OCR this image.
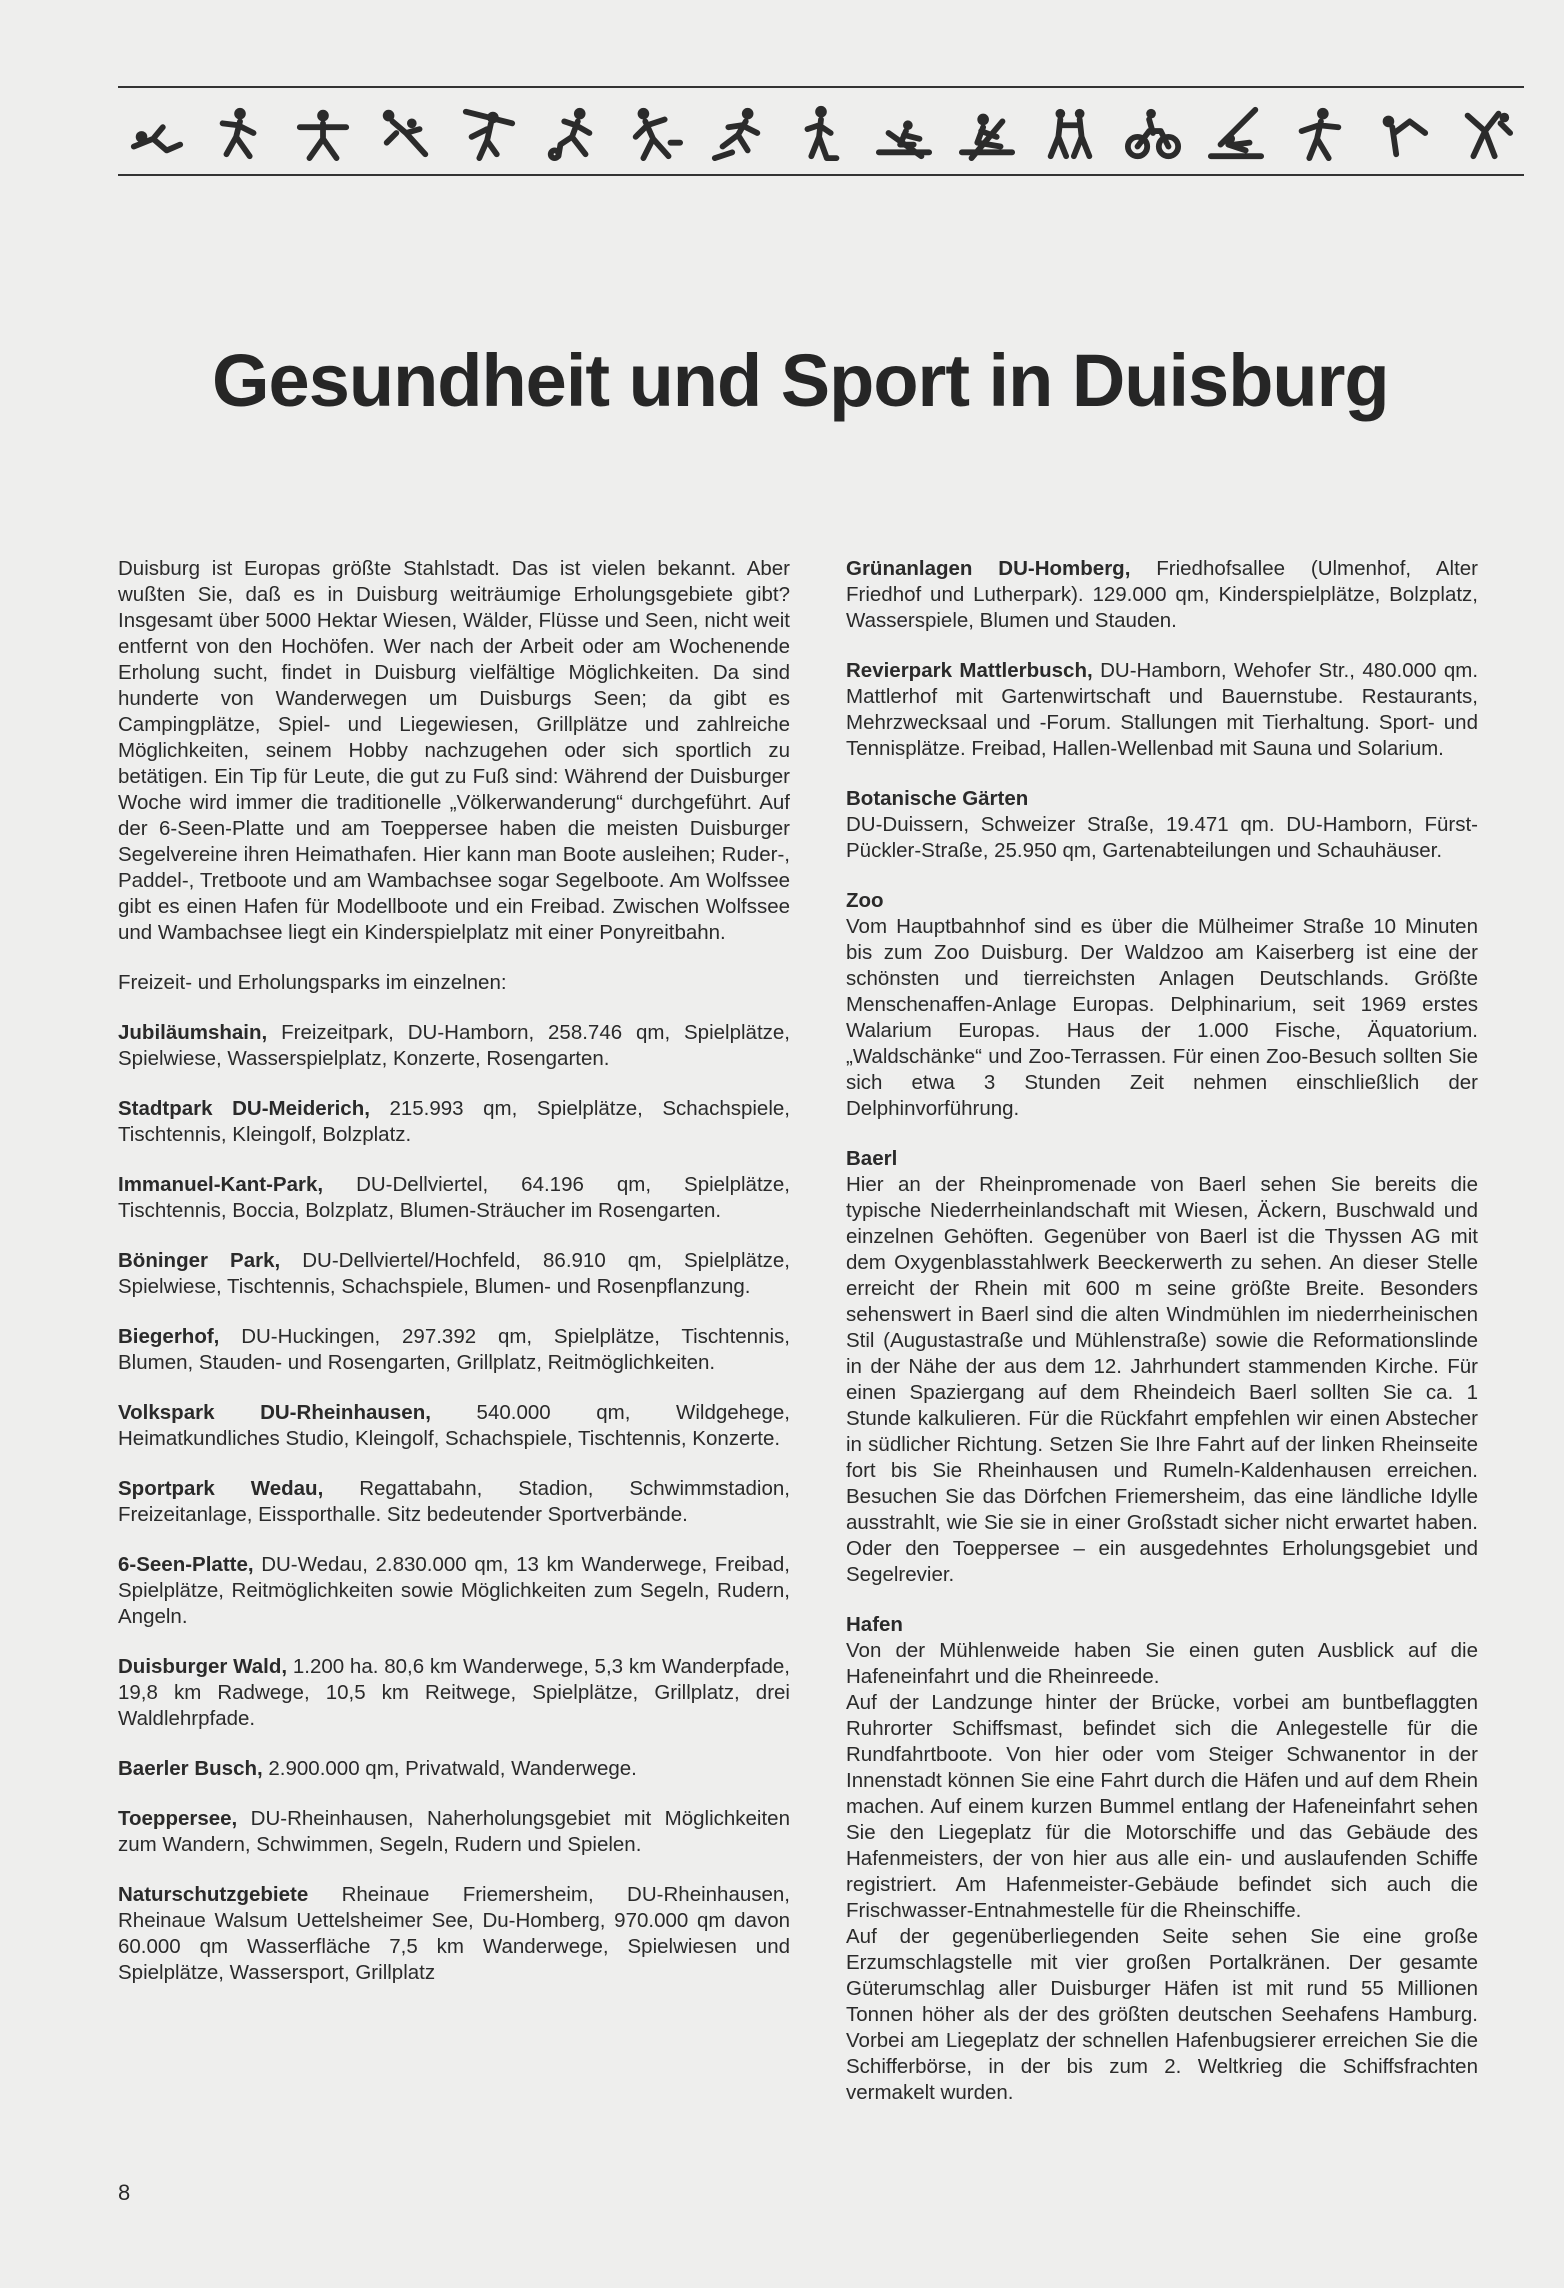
Gesundheit und Sport in Duisburg

Duisburg ist Europas größte Stahlstadt. Das ist vielen bekannt. Aber wußten Sie, daß es in Duisburg weiträumige Erholungsgebiete gibt? Insgesamt über 5000 Hektar Wiesen, Wälder, Flüsse und Seen, nicht weit entfernt von den Hochöfen. Wer nach der Arbeit oder am Wochenende Erholung sucht, findet in Duisburg vielfältige Möglichkeiten. Da sind hunderte von Wanderwegen um Duisburgs Seen; da gibt es Campingplätze, Spiel- und Liegewiesen, Grillplätze und zahlreiche Möglichkeiten, seinem Hobby nachzugehen oder sich sportlich zu betätigen. Ein Tip für Leute, die gut zu Fuß sind: Während der Duisburger Woche wird immer die traditionelle „Völkerwanderung“ durchgeführt. Auf der 6-Seen-Platte und am Toeppersee haben die meisten Duisburger Segelvereine ihren Heimathafen. Hier kann man Boote ausleihen; Ruder-, Paddel-, Tretboote und am Wambachsee sogar Segelboote. Am Wolfssee gibt es einen Hafen für Modellboote und ein Freibad. Zwischen Wolfssee und Wambachsee liegt ein Kinderspielplatz mit einer Ponyreitbahn.

Freizeit- und Erholungsparks im einzelnen:

Jubiläumshain, Freizeitpark, DU-Hamborn, 258.746 qm, Spielplätze, Spielwiese, Wasserspielplatz, Konzerte, Rosengarten.

Stadtpark DU-Meiderich, 215.993 qm, Spielplätze, Schachspiele, Tischtennis, Kleingolf, Bolzplatz.

Immanuel-Kant-Park, DU-Dellviertel, 64.196 qm, Spielplätze, Tischtennis, Boccia, Bolzplatz, Blumen-Sträucher im Rosengarten.

Böninger Park, DU-Dellviertel/Hochfeld, 86.910 qm, Spielplätze, Spielwiese, Tischtennis, Schachspiele, Blumen- und Rosenpflanzung.

Biegerhof, DU-Huckingen, 297.392 qm, Spielplätze, Tischtennis, Blumen, Stauden- und Rosengarten, Grillplatz, Reitmöglichkeiten.

Volkspark DU-Rheinhausen, 540.000 qm, Wildgehege, Heimatkundliches Studio, Kleingolf, Schachspiele, Tischtennis, Konzerte.

Sportpark Wedau, Regattabahn, Stadion, Schwimmstadion, Freizeitanlage, Eissporthalle. Sitz bedeutender Sportverbände.

6-Seen-Platte, DU-Wedau, 2.830.000 qm, 13 km Wanderwege, Freibad, Spielplätze, Reitmöglichkeiten sowie Möglichkeiten zum Segeln, Rudern, Angeln.

Duisburger Wald, 1.200 ha. 80,6 km Wanderwege, 5,3 km Wanderpfade, 19,8 km Radwege, 10,5 km Reitwege, Spielplätze, Grillplatz, drei Waldlehrpfade.

Baerler Busch, 2.900.000 qm, Privatwald, Wanderwege.

Toeppersee, DU-Rheinhausen, Naherholungsgebiet mit Möglichkeiten zum Wandern, Schwimmen, Segeln, Rudern und Spielen.

Naturschutzgebiete Rheinaue Friemersheim, DU-Rheinhausen, Rheinaue Walsum Uettelsheimer See, Du-Homberg, 970.000 qm davon 60.000 qm Wasserfläche 7,5 km Wanderwege, Spielwiesen und Spielplätze, Wassersport, Grillplatz

Grünanlagen DU-Homberg, Friedhofsallee (Ulmenhof, Alter Friedhof und Lutherpark). 129.000 qm, Kinderspielplätze, Bolzplatz, Wasserspiele, Blumen und Stauden.

Revierpark Mattlerbusch, DU-Hamborn, Wehofer Str., 480.000 qm. Mattlerhof mit Gartenwirtschaft und Bauernstube. Restaurants, Mehrzwecksaal und -Forum. Stallungen mit Tierhaltung. Sport- und Tennisplätze. Freibad, Hallen-Wellenbad mit Sauna und Solarium.

Botanische Gärten
DU-Duissern, Schweizer Straße, 19.471 qm. DU-Hamborn, Fürst-Pückler-Straße, 25.950 qm, Gartenabteilungen und Schauhäuser.

Zoo
Vom Hauptbahnhof sind es über die Mülheimer Straße 10 Minuten bis zum Zoo Duisburg. Der Waldzoo am Kaiserberg ist eine der schönsten und tierreichsten Anlagen Deutschlands. Größte Menschenaffen-Anlage Europas. Delphinarium, seit 1969 erstes Walarium Europas. Haus der 1.000 Fische, Äquatorium. „Waldschänke“ und Zoo-Terrassen. Für einen Zoo-Besuch sollten Sie sich etwa 3 Stunden Zeit nehmen einschließlich der Delphinvorführung.

Baerl
Hier an der Rheinpromenade von Baerl sehen Sie bereits die typische Niederrheinlandschaft mit Wiesen, Äckern, Buschwald und einzelnen Gehöften. Gegenüber von Baerl ist die Thyssen AG mit dem Oxygenblasstahlwerk Beeckerwerth zu sehen. An dieser Stelle erreicht der Rhein mit 600 m seine größte Breite. Besonders sehenswert in Baerl sind die alten Windmühlen im niederrheinischen Stil (Augustastraße und Mühlenstraße) sowie die Reformationslinde in der Nähe der aus dem 12. Jahrhundert stammenden Kirche. Für einen Spaziergang auf dem Rheindeich Baerl sollten Sie ca. 1 Stunde kalkulieren. Für die Rückfahrt empfehlen wir einen Abstecher in südlicher Richtung. Setzen Sie Ihre Fahrt auf der linken Rheinseite fort bis Sie Rheinhausen und Rumeln-Kaldenhausen erreichen. Besuchen Sie das Dörfchen Friemersheim, das eine ländliche Idylle ausstrahlt, wie Sie sie in einer Großstadt sicher nicht erwartet haben. Oder den Toeppersee – ein ausgedehntes Erholungsgebiet und Segelrevier.

Hafen
Von der Mühlenweide haben Sie einen guten Ausblick auf die Hafeneinfahrt und die Rheinreede.

Auf der Landzunge hinter der Brücke, vorbei am buntbeflaggten Ruhrorter Schiffsmast, befindet sich die Anlegestelle für die Rundfahrtboote. Von hier oder vom Steiger Schwanentor in der Innenstadt können Sie eine Fahrt durch die Häfen und auf dem Rhein machen. Auf einem kurzen Bummel entlang der Hafeneinfahrt sehen Sie den Liegeplatz für die Motorschiffe und das Gebäude des Hafenmeisters, der von hier aus alle ein- und auslaufenden Schiffe registriert. Am Hafenmeister-Gebäude befindet sich auch die Frischwasser-Entnahmestelle für die Rheinschiffe.

Auf der gegenüberliegenden Seite sehen Sie eine große Erzumschlagstelle mit vier großen Portalkränen. Der gesamte Güterumschlag aller Duisburger Häfen ist mit rund 55 Millionen Tonnen höher als der des größten deutschen Seehafens Hamburg. Vorbei am Liegeplatz der schnellen Hafenbugsierer erreichen Sie die Schifferbörse, in der bis zum 2. Weltkrieg die Schiffsfrachten vermakelt wurden.

8
